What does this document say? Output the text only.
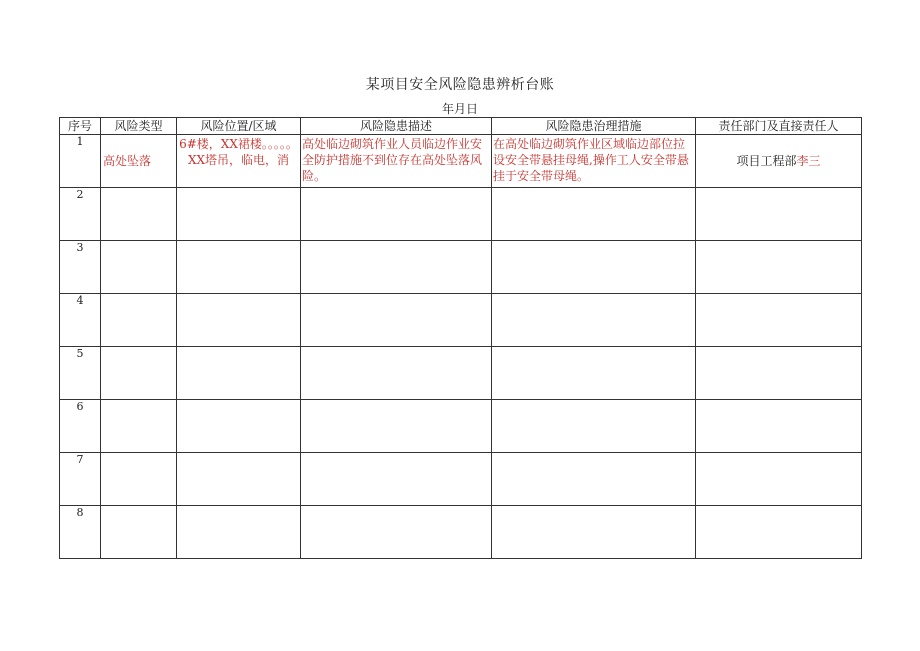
某项目安全风险隐患辨析台账
年月日
序号	风险类型	风险位置/区域	风险隐患描述	风险隐患治理措施	责任部门及直接责任人
1	高处坠落	6#楼，XX裙楼。。。。。XX塔吊，临电，消	高处临边砌筑作业人员临边作业安全防护措施不到位存在高处坠落风险。	在高处临边砌筑作业区域临边部位拉设安全带悬挂母绳,操作工人安全带悬挂于安全带母绳。	项目工程部李三

2					
3					
4					
5					
6					
7					
8					
